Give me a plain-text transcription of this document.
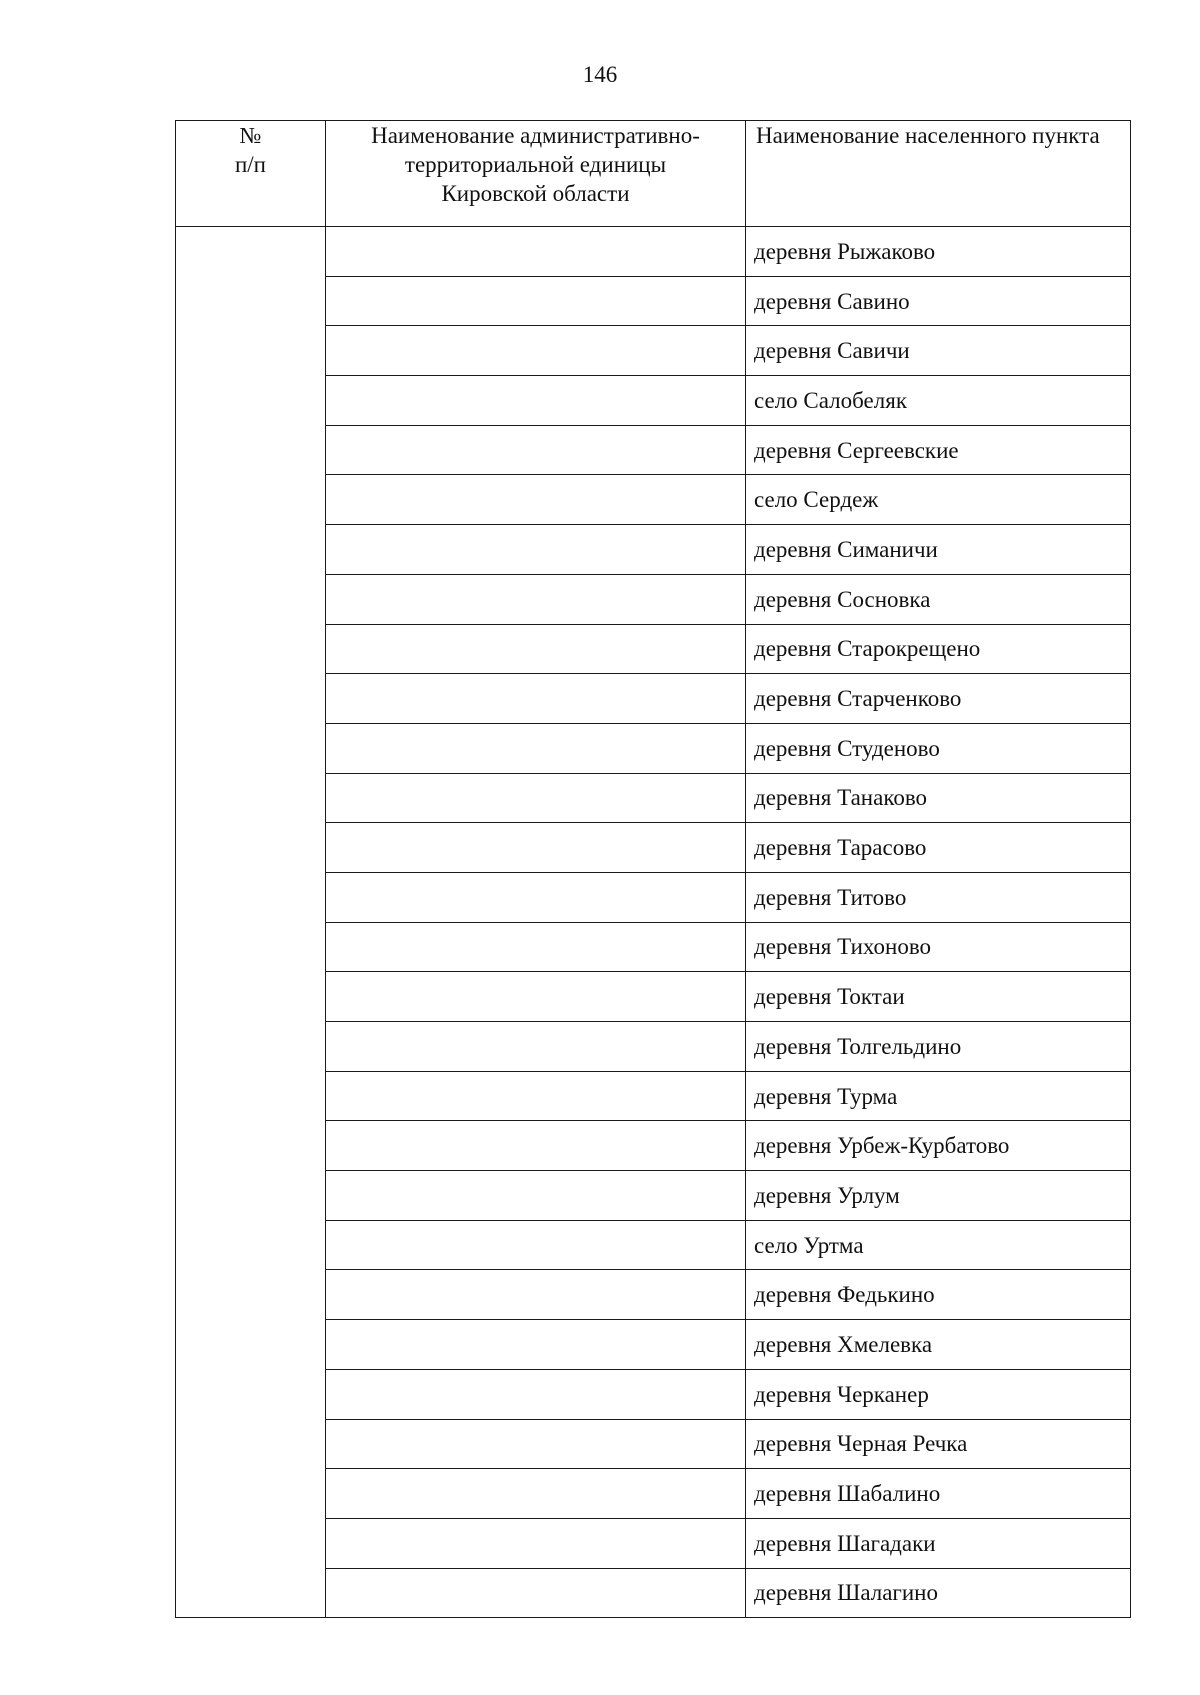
146
№
п/п	Наименование административно-
территориальной единицы
Кировской области	Наименование населенного пункта

		деревня Рыжаково
		деревня Савино
		деревня Савичи
		село Салобеляк
		деревня Сергеевские
		село Сердеж
		деревня Симаничи
		деревня Сосновка
		деревня Старокрещено
		деревня Старченково
		деревня Студеново
		деревня Танаково
		деревня Тарасово
		деревня Титово
		деревня Тихоново
		деревня Токтаи
		деревня Толгельдино
		деревня Турма
		деревня Урбеж-Курбатово
		деревня Урлум
		село Уртма
		деревня Федькино
		деревня Хмелевка
		деревня Черканер
		деревня Черная Речка
		деревня Шабалино
		деревня Шагадаки
		деревня Шалагино
